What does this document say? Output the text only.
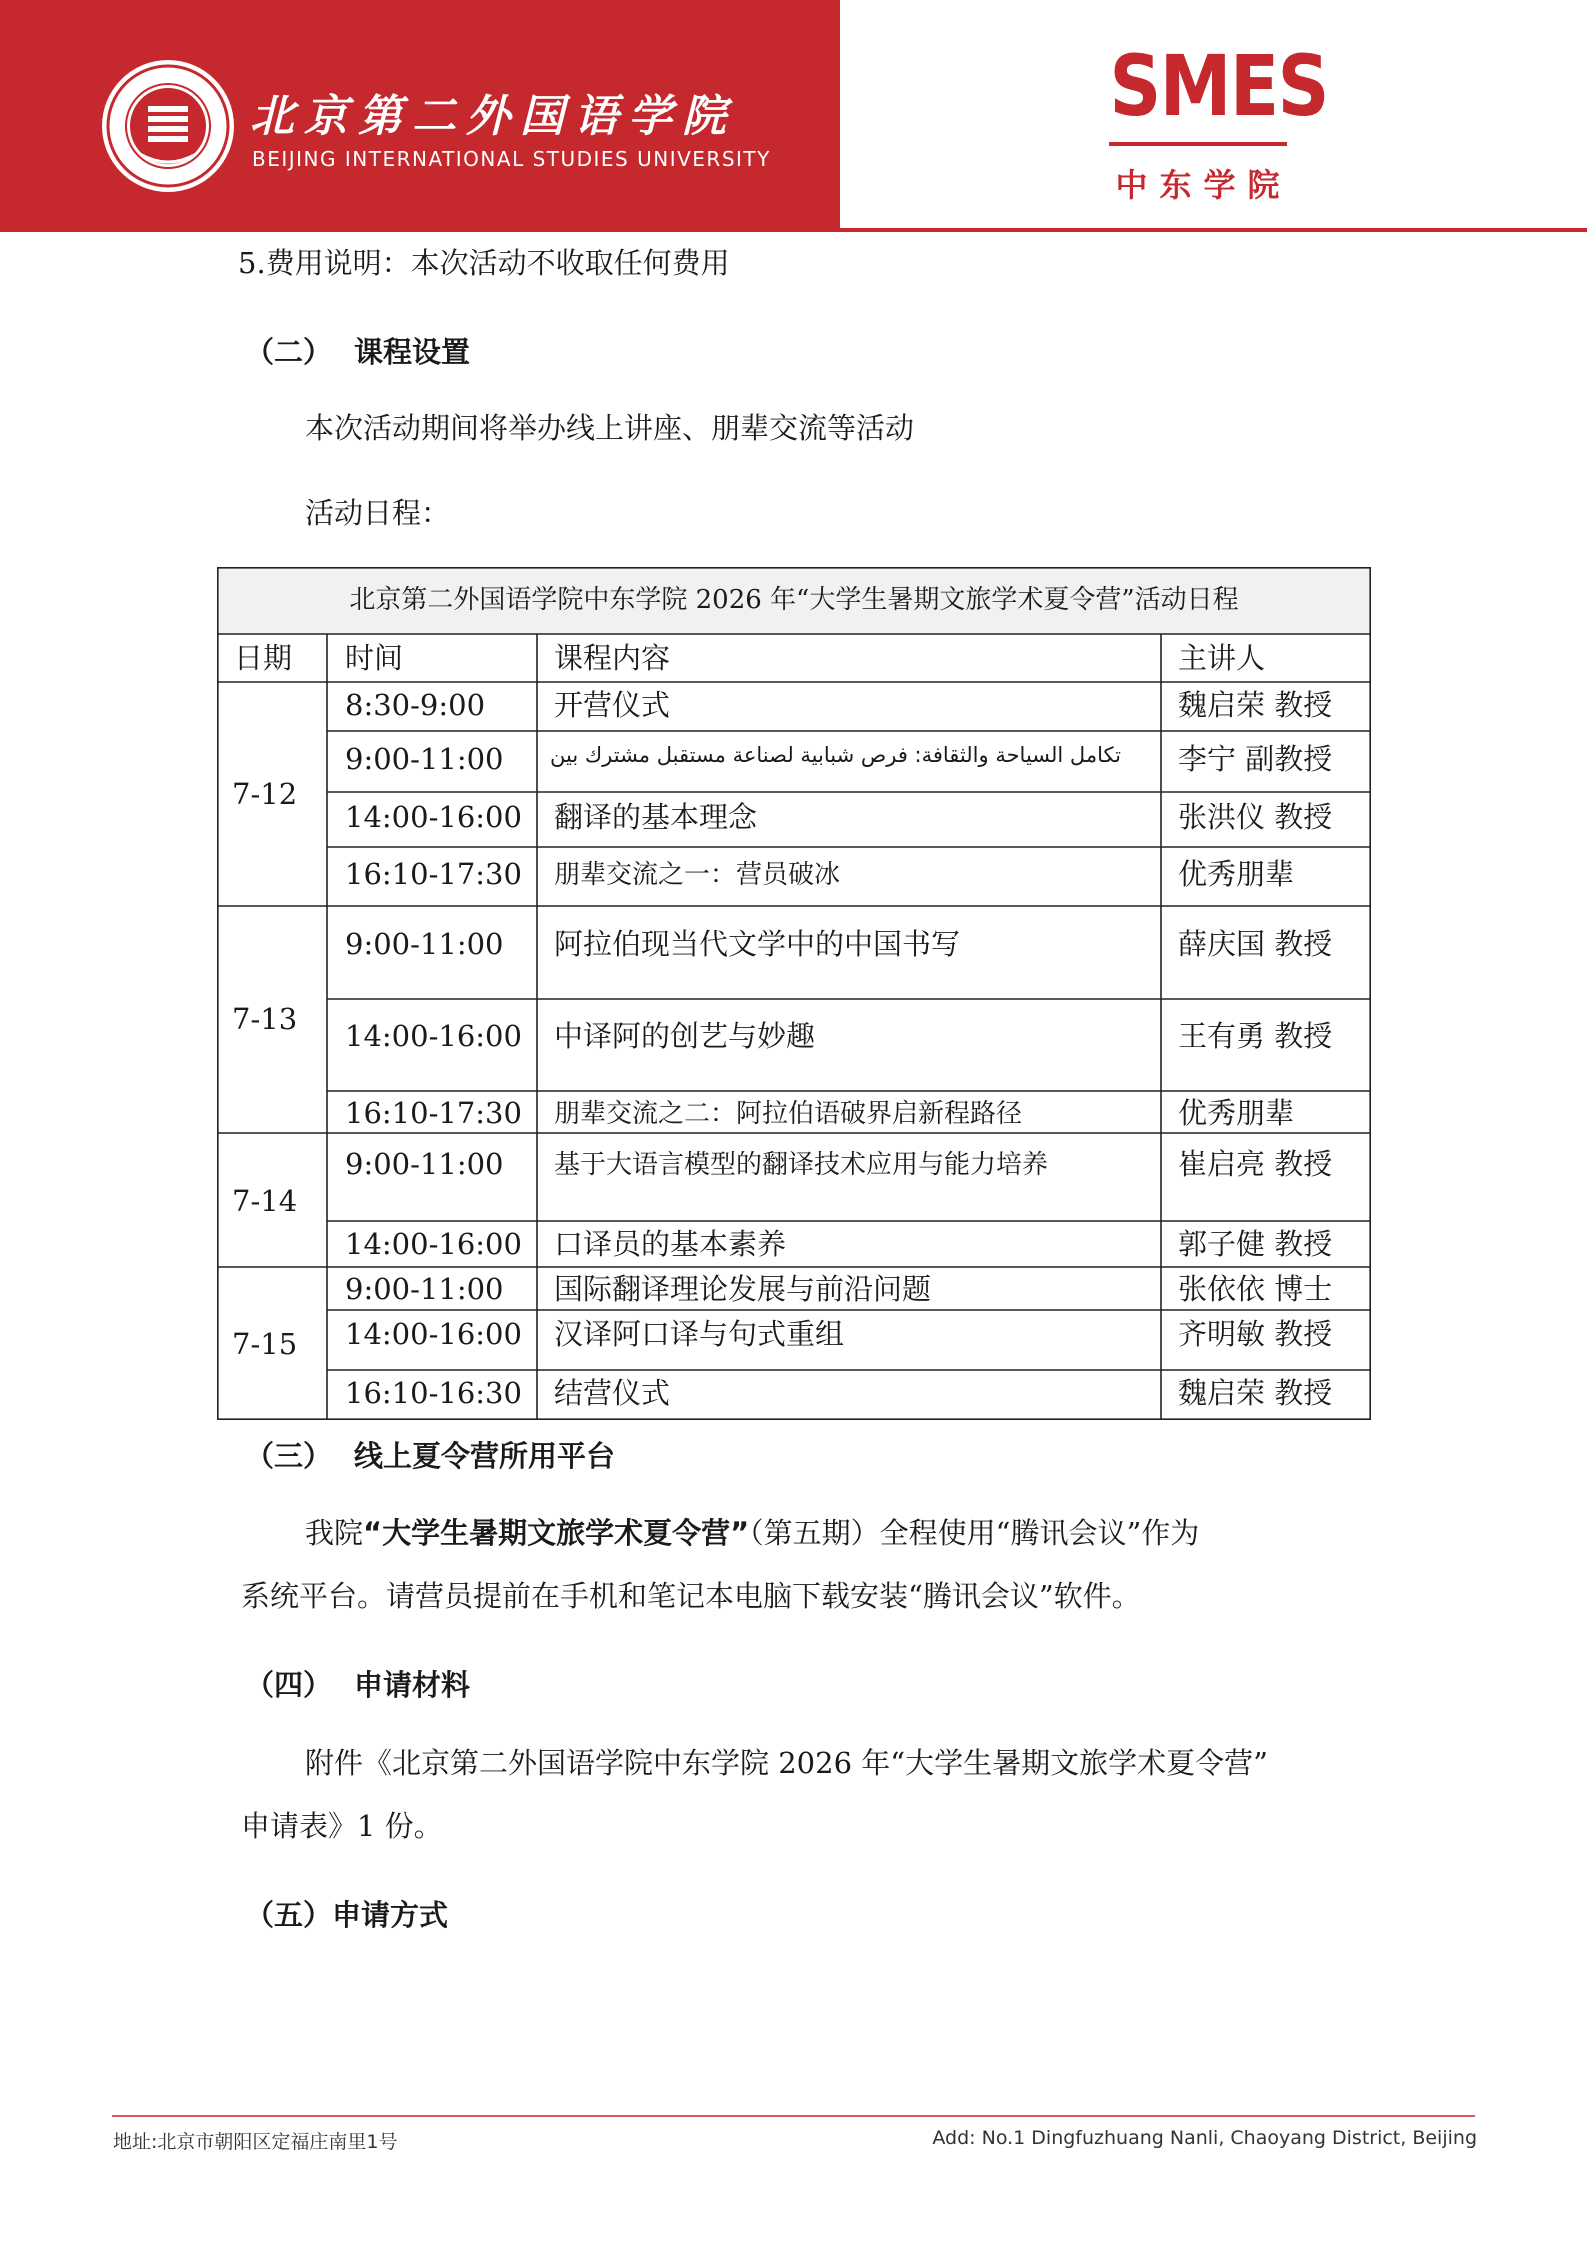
北京第二外国语学院
BEIJING INTERNATIONAL STUDIES UNIVERSITY
SMES
中东学院
5.费用说明：本次活动不收取任何费用
（二） 课程设置
本次活动期间将举办线上讲座、朋辈交流等活动
活动日程：
北京第二外国语学院中东学院 2026 年“大学生暑期文旅学术夏令营”活动日程
日期 时间	课程内容	主讲人
7-12
8:30-9:00 开营仪式	魏启荣 教授
9:00-11:00 تكامل السياحة والثقافة: فرص شبابية لصناعة مستقبل مشترك بين	李宁 副教授
14:00-16:00 翻译的基本理念	张洪仪 教授
16:10-17:30 朋辈交流之一：营员破冰	优秀朋辈
7-13
9:00-11:00 阿拉伯现当代文学中的中国书写	薛庆国 教授
14:00-16:00 中译阿的创艺与妙趣	王有勇 教授
16:10-17:30 朋辈交流之二：阿拉伯语破界启新程路径	优秀朋辈
7-14
9:00-11:00 基于大语言模型的翻译技术应用与能力培养	崔启亮 教授
14:00-16:00 口译员的基本素养	郭子健 教授
7-15
9:00-11:00 国际翻译理论发展与前沿问题	张依依 博士
14:00-16:00 汉译阿口译与句式重组	齐明敏 教授
16:10-16:30 结营仪式	魏启荣 教授
（三） 线上夏令营所用平台
我院“大学生暑期文旅学术夏令营”（第五期）全程使用“腾讯会议”作为
系统平台。请营员提前在手机和笔记本电脑下载安装“腾讯会议”软件。
（四） 申请材料
附件《北京第二外国语学院中东学院 2026 年“大学生暑期文旅学术夏令营”
申请表》1 份。
（五）申请方式
地址:北京市朝阳区定福庄南里1号	Add: No.1 Dingfuzhuang Nanli, Chaoyang District, Beijing
